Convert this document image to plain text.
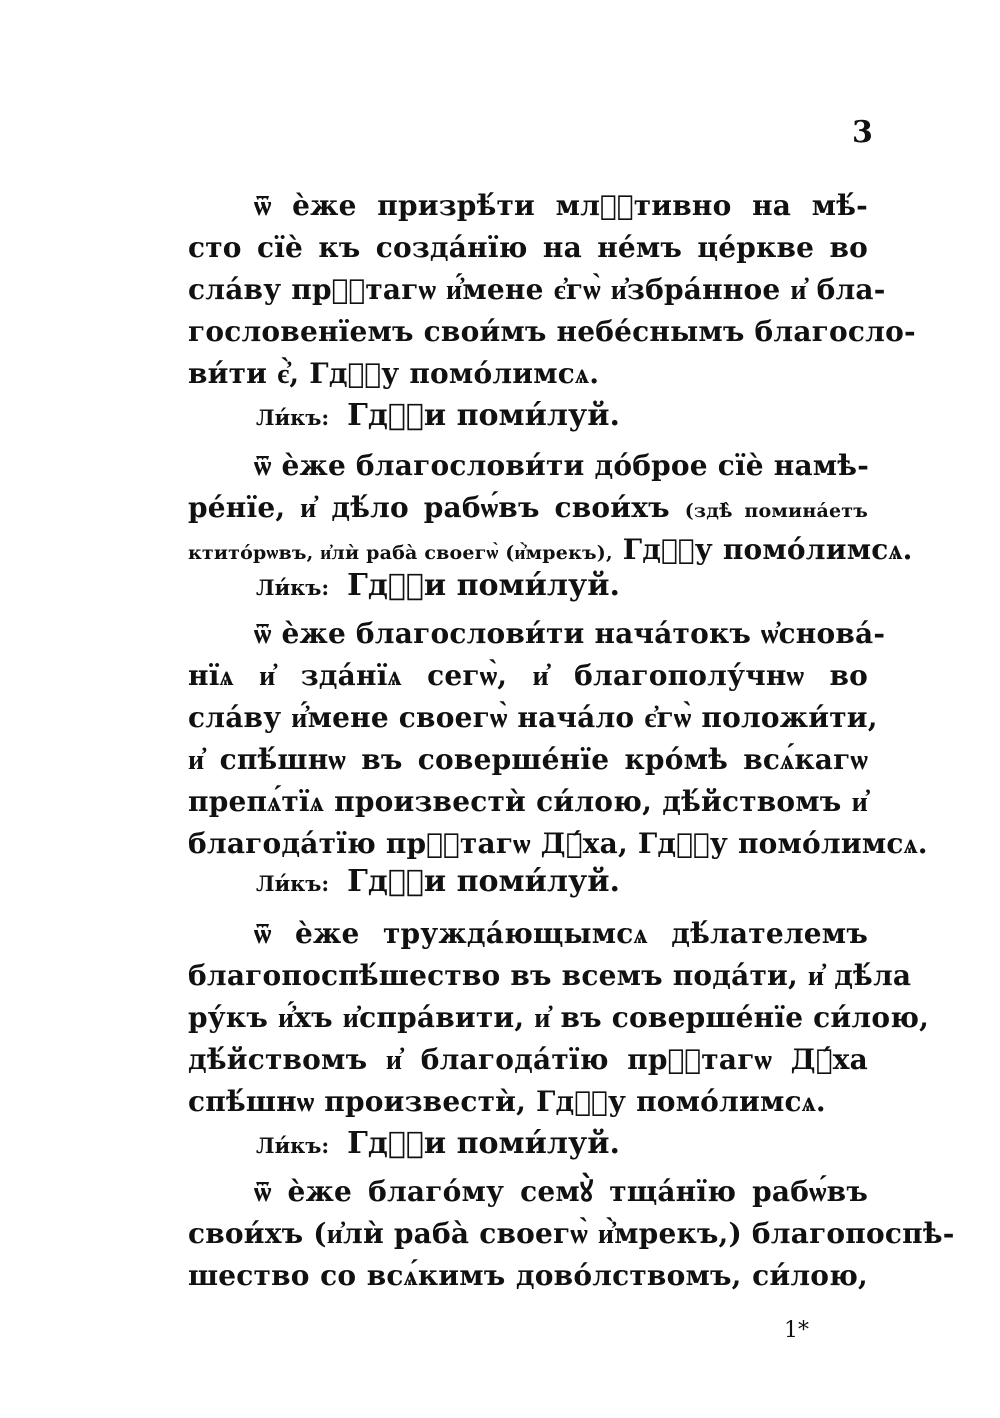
3
ѿ ѐже призрѣ́ти млⷭ҇тивно на мѣ́-
сто сїѐ къ созда́нїю на не́мъ це́ркве во
сла́ву прⷭ҇тагѡ и҆́мене є҆гѡ̀ и҆збра́нное и҆ бла-
гословенїемъ свои́мъ небе́снымъ благосло-
ви́ти є҆̀, Гдⷭ҇у помо́лимсѧ.
Ли́къ: Гдⷭ҇и поми́луй.
ѿ ѐже благослови́ти до́брое сїѐ намѣ-
ре́нїе, и҆ дѣ́ло рабѡ́въ свои́хъ (здѣ̀ помина́етъ
ктито́рѡвъ, и҆лѝ раба̀ своегѡ̀ (и҆̀мрекъ), Гдⷭ҇у помо́лимсѧ.
Ли́къ: Гдⷭ҇и поми́луй.
ѿ ѐже благослови́ти нача́токъ ѡ҆снова́-
нїѧ и҆ зда́нїѧ сегѡ̀, и҆ благополу́чнѡ во
сла́ву и҆́мене своегѡ̀ нача́ло є҆гѡ̀ положи́ти,
и҆ спѣ́шнѡ въ соверше́нїе кро́мѣ всѧ́кагѡ
препѧ́тїѧ произвестѝ си́лою, дѣ́йствомъ и҆
благода́тїю прⷭ҇тагѡ Дꙋ́ха, Гдⷭ҇у помо́лимсѧ.
Ли́къ: Гдⷭ҇и поми́луй.
ѿ ѐже тружда́ющымсѧ дѣ́лателемъ
благопоспѣ́шество въ всемъ пода́ти, и҆ дѣ́ла
ру́къ и҆́хъ и҆спра́вити, и҆ въ соверше́нїе си́лою,
дѣ́йствомъ и҆ благода́тїю прⷭ҇тагѡ Дꙋ́ха
спѣ́шнѡ произвестѝ, Гдⷭ҇у помо́лимсѧ.
Ли́къ: Гдⷭ҇и поми́луй.
ѿ ѐже благо́му семꙋ̀ тща́нїю рабѡ́въ
свои́хъ (и҆лѝ раба̀ своегѡ̀ и҆̀мрекъ,) благопоспѣ-
шество со всѧ́кимъ дово́лствомъ, си́лою,
1*
